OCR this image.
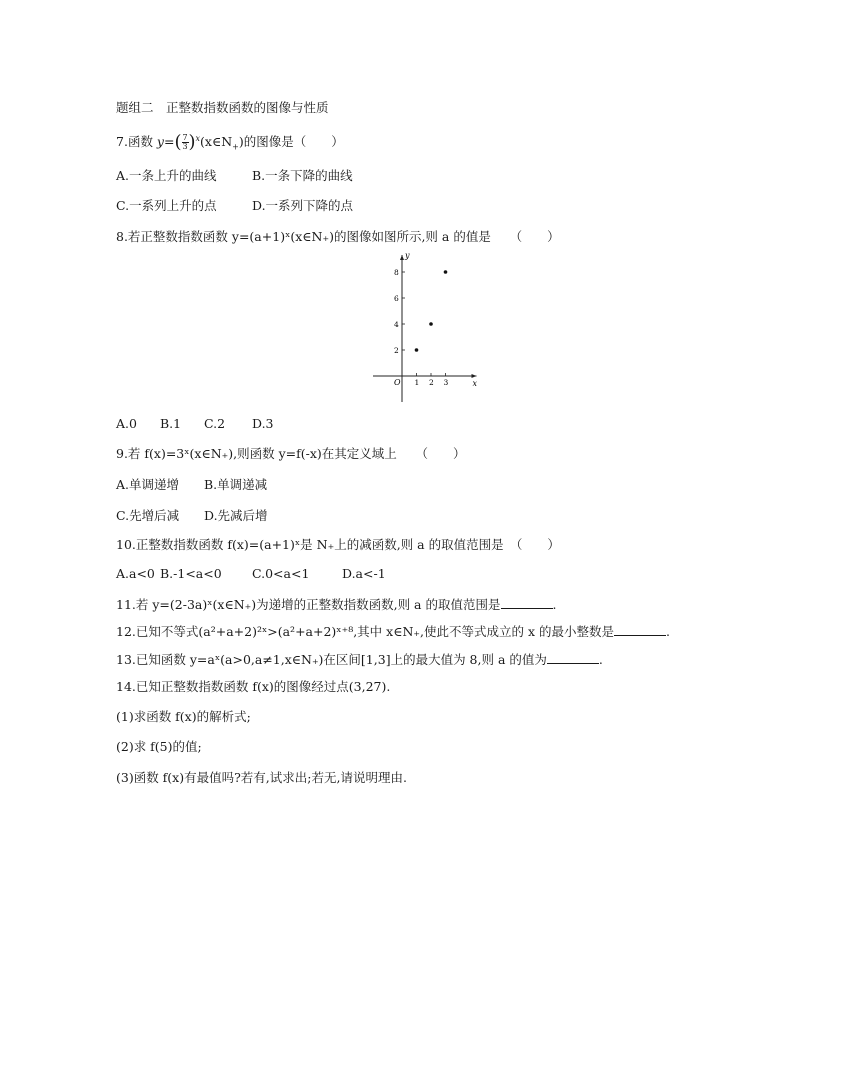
题组二　正整数指数函数的图像与性质
7.函数 $y=( \frac{7}{3}$ )$^x(x\in N_+)$的图像是（　　）
A.一条上升的曲线	B.一条下降的曲线
C.一系列上升的点	D.一系列下降的点
8.若正整数指数函数 y=(a+1)ˣ(x∈N₊)的图像如图所示,则 a 的值是　　（　　）
x
y
O 1 2 3
2
4
6
8
A.0 B.1 C.2 D.3
9.若 f(x)=3ˣ(x∈N₊),则函数 y=f(-x)在其定义域上　　（　　）
A.单调递增 B.单调递减
C.先增后减 D.先减后增
10.正整数指数函数 f(x)=(a+1)ˣ是 N₊上的减函数,则 a 的取值范围是　（　　）
A.a<0 B.-1<a<0 C.0<a<1	D.a<-1
11.若 y=(2-3a)ˣ(x∈N₊)为递增的正整数指数函数,则 a 的取值范围是	.
12.已知不等式(a²+a+2)²ˣ>(a²+a+2)ˣ⁺⁸,其中 x∈N₊,使此不等式成立的 x 的最小整数是	.
13.已知函数 y=aˣ(a>0,a≠1,x∈N₊)在区间[1,3]上的最大值为 8,则 a 的值为	.
14.已知正整数指数函数 f(x)的图像经过点(3,27).
(1)求函数 f(x)的解析式;
(2)求 f(5)的值;
(3)函数 f(x)有最值吗?若有,试求出;若无,请说明理由.
